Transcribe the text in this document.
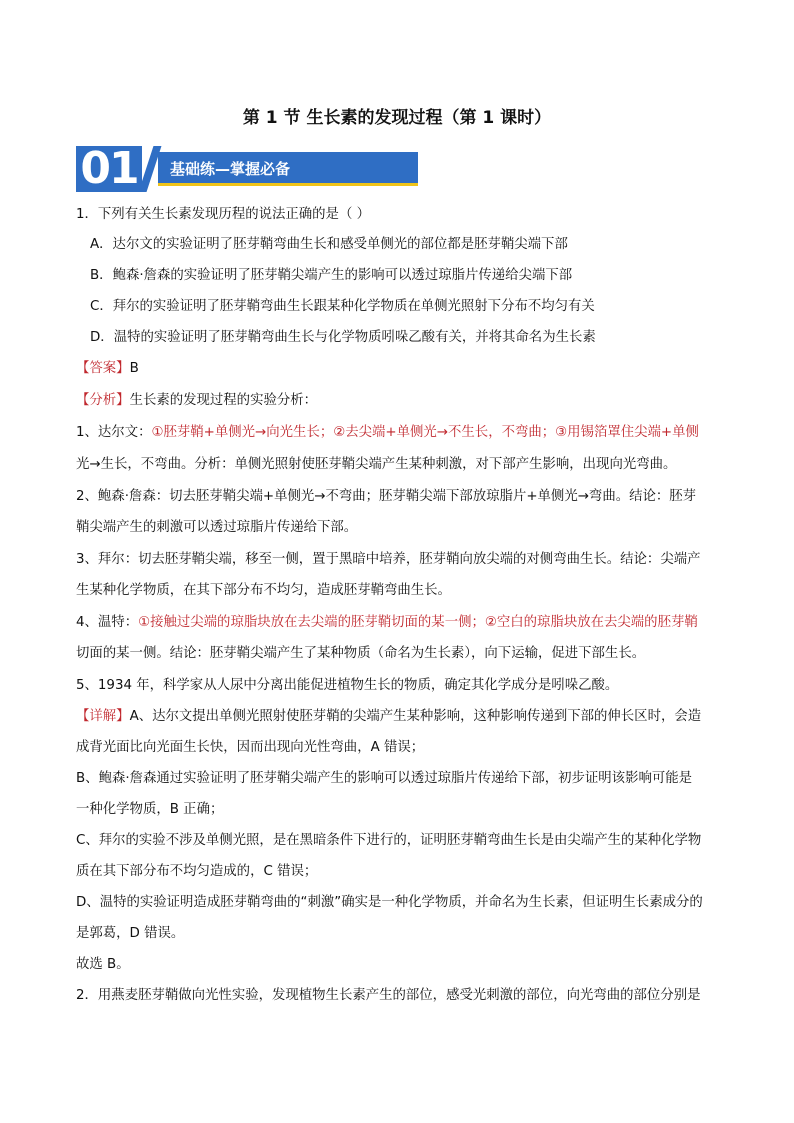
第 1 节 生长素的发现过程（第 1 课时）
01	基础练—掌握必备
1．下列有关生长素发现历程的说法正确的是（ ）
A．达尔文的实验证明了胚芽鞘弯曲生长和感受单侧光的部位都是胚芽鞘尖端下部
B．鲍森·詹森的实验证明了胚芽鞘尖端产生的影响可以透过琼脂片传递给尖端下部
C．拜尔的实验证明了胚芽鞘弯曲生长跟某种化学物质在单侧光照射下分布不均匀有关
D．温特的实验证明了胚芽鞘弯曲生长与化学物质吲哚乙酸有关，并将其命名为生长素
【答案】B
【分析】生长素的发现过程的实验分析：
1、达尔文：①胚芽鞘+单侧光→向光生长；②去尖端+单侧光→不生长，不弯曲；③用锡箔罩住尖端+单侧
光→生长，不弯曲。分析：单侧光照射使胚芽鞘尖端产生某种刺激，对下部产生影响，出现向光弯曲。
2、鲍森·詹森：切去胚芽鞘尖端+单侧光→不弯曲；胚芽鞘尖端下部放琼脂片+单侧光→弯曲。结论：胚芽
鞘尖端产生的刺激可以透过琼脂片传递给下部。
3、拜尔：切去胚芽鞘尖端，移至一侧，置于黑暗中培养，胚芽鞘向放尖端的对侧弯曲生长。结论：尖端产
生某种化学物质，在其下部分布不均匀，造成胚芽鞘弯曲生长。
4、温特：①接触过尖端的琼脂块放在去尖端的胚芽鞘切面的某一侧；②空白的琼脂块放在去尖端的胚芽鞘
切面的某一侧。结论：胚芽鞘尖端产生了某种物质（命名为生长素），向下运输，促进下部生长。
5、1934 年，科学家从人尿中分离出能促进植物生长的物质，确定其化学成分是吲哚乙酸。
【详解】A、达尔文提出单侧光照射使胚芽鞘的尖端产生某种影响，这种影响传递到下部的伸长区时，会造
成背光面比向光面生长快，因而出现向光性弯曲，A 错误；
B、鲍森·詹森通过实验证明了胚芽鞘尖端产生的影响可以透过琼脂片传递给下部，初步证明该影响可能是
一种化学物质，B 正确；
C、拜尔的实验不涉及单侧光照，是在黑暗条件下进行的，证明胚芽鞘弯曲生长是由尖端产生的某种化学物
质在其下部分布不均匀造成的，C 错误；
D、温特的实验证明造成胚芽鞘弯曲的“刺激”确实是一种化学物质，并命名为生长素，但证明生长素成分的
是郭葛，D 错误。
故选 B。
2．用燕麦胚芽鞘做向光性实验，发现植物生长素产生的部位，感受光刺激的部位，向光弯曲的部位分别是
